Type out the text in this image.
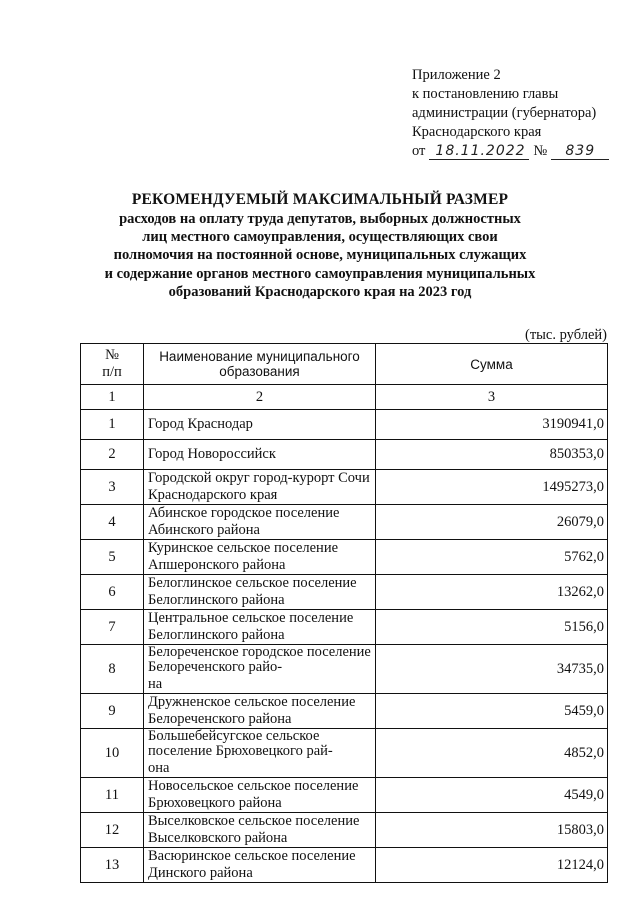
Приложение 2
к постановлению главы
администрации (губернатора)
Краснодарского края
от 18.11.2022 №	839
РЕКОМЕНДУЕМЫЙ МАКСИМАЛЬНЫЙ РАЗМЕР
расходов на оплату труда депутатов, выборных должностных
лиц местного самоуправления, осуществляющих свои
полномочия на постоянной основе, муниципальных служащих
и содержание органов местного самоуправления муниципальных
образований Краснодарского края на 2023 год
(тыс. рублей)
№
п/п	Наименование муниципального образования	Сумма
1	2	3
1	Город Краснодар	3190941,0
2	Город Новороссийск	850353,0
3	Городской округ город-курорт Сочи Краснодарского края	1495273,0
4	Абинское городское поселение Абинского района	26079,0
5	Куринское сельское поселение Апшеронского района	5762,0
6	Белоглинское сельское поселение Белоглинского района	13262,0
7	Центральное сельское поселение Белоглинского района	5156,0
8	Белореченское городское поселение Белореченского райо- на	34735,0
9	Дружненское сельское поселение Белореченского района	5459,0
10	Большебейсугское сельское поселение Брюховецкого рай- она	4852,0
11	Новосельское сельское поселение Брюховецкого района	4549,0
12	Выселковское сельское поселение Выселковского района	15803,0
13	Васюринское сельское поселение Динского района	12124,0
